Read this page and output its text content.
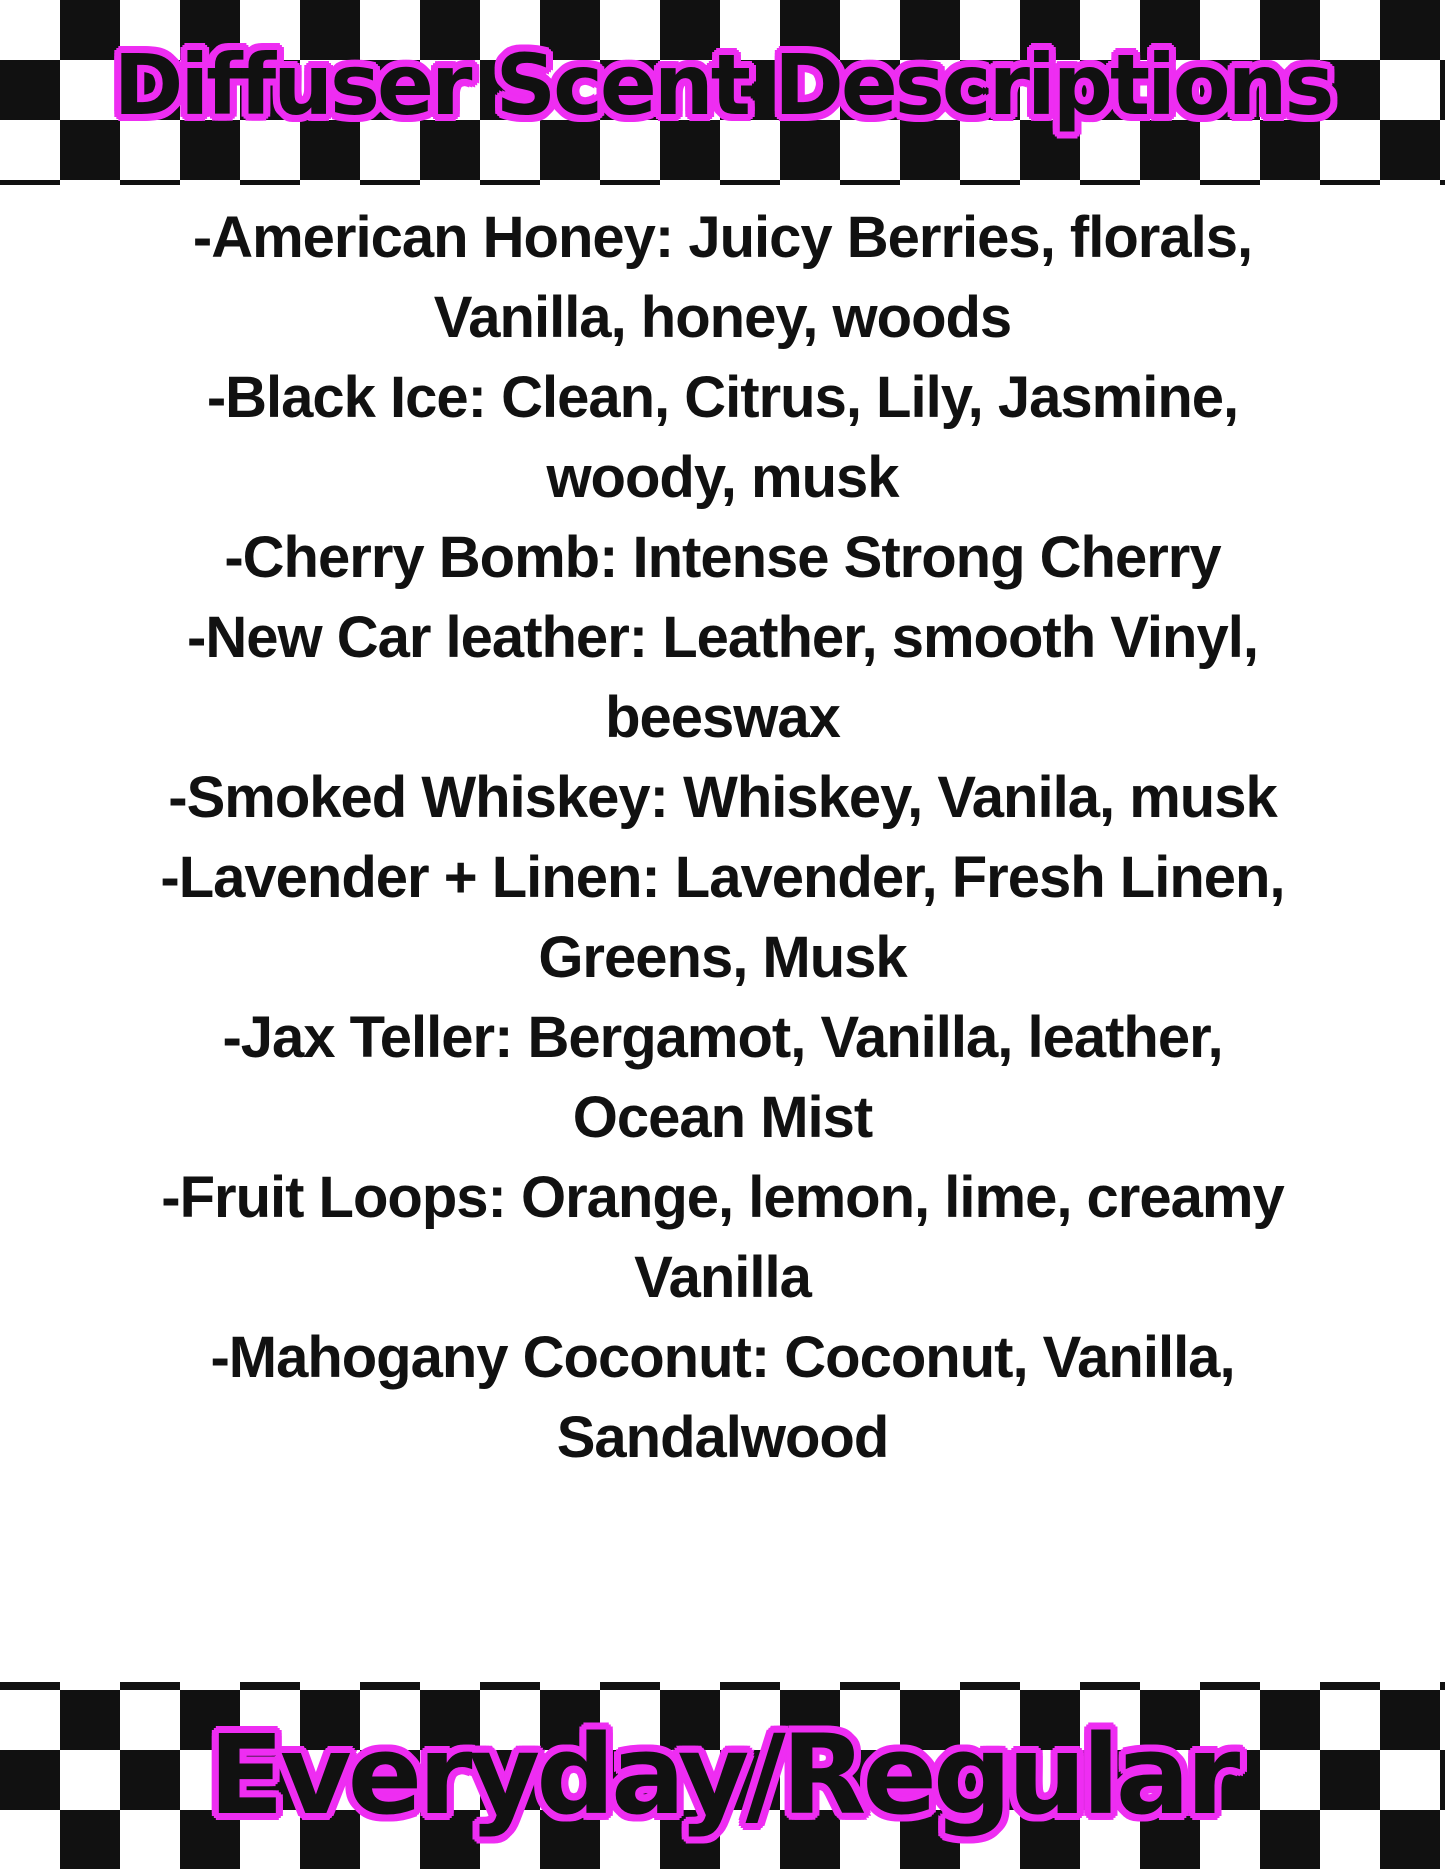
Diffuser Scent Descriptions
-American Honey: Juicy Berries, florals,
Vanilla, honey, woods
-Black Ice: Clean, Citrus, Lily, Jasmine,
woody, musk
-Cherry Bomb: Intense Strong Cherry
-New Car leather: Leather, smooth Vinyl,
beeswax
-Smoked Whiskey: Whiskey, Vanila, musk
-Lavender + Linen: Lavender, Fresh Linen,
Greens, Musk
-Jax Teller: Bergamot, Vanilla, leather,
Ocean Mist
-Fruit Loops: Orange, lemon, lime, creamy
Vanilla
-Mahogany Coconut: Coconut, Vanilla,
Sandalwood
Everyday/Regular
